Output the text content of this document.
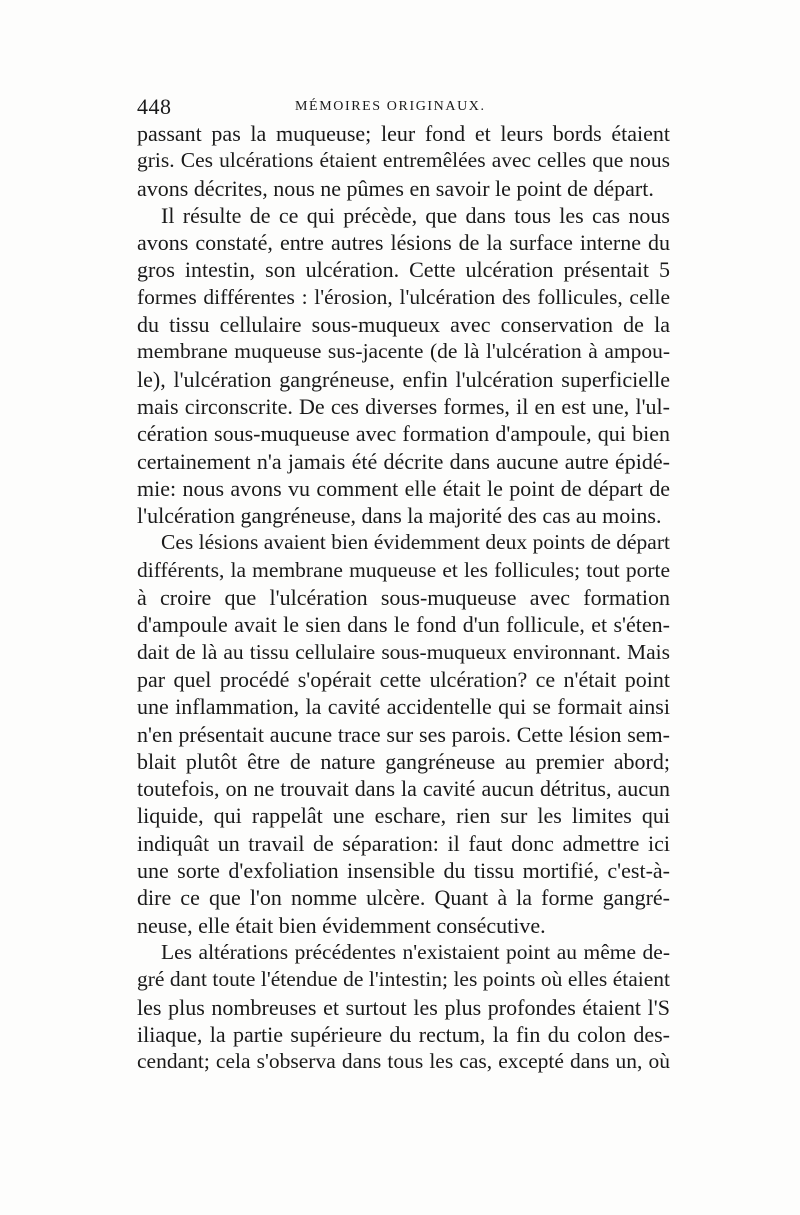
448	MÉMOIRES ORIGINAUX.
passant pas la muqueuse; leur fond et leurs bords étaient
gris. Ces ulcérations étaient entremêlées avec celles que nous
avons décrites, nous ne pûmes en savoir le point de départ.
Il résulte de ce qui précède, que dans tous les cas nous
avons constaté, entre autres lésions de la surface interne du
gros intestin, son ulcération. Cette ulcération présentait 5
formes différentes : l'érosion, l'ulcération des follicules, celle
du tissu cellulaire sous-muqueux avec conservation de la
membrane muqueuse sus-jacente (de là l'ulcération à ampou-
le), l'ulcération gangréneuse, enfin l'ulcération superficielle
mais circonscrite. De ces diverses formes, il en est une, l'ul-
cération sous-muqueuse avec formation d'ampoule, qui bien
certainement n'a jamais été décrite dans aucune autre épidé-
mie: nous avons vu comment elle était le point de départ de
l'ulcération gangréneuse, dans la majorité des cas au moins.
Ces lésions avaient bien évidemment deux points de départ
différents, la membrane muqueuse et les follicules; tout porte
à croire que l'ulcération sous-muqueuse avec formation
d'ampoule avait le sien dans le fond d'un follicule, et s'éten-
dait de là au tissu cellulaire sous-muqueux environnant. Mais
par quel procédé s'opérait cette ulcération? ce n'était point
une inflammation, la cavité accidentelle qui se formait ainsi
n'en présentait aucune trace sur ses parois. Cette lésion sem-
blait plutôt être de nature gangréneuse au premier abord;
toutefois, on ne trouvait dans la cavité aucun détritus, aucun
liquide, qui rappelât une eschare, rien sur les limites qui
indiquât un travail de séparation: il faut donc admettre ici
une sorte d'exfoliation insensible du tissu mortifié, c'est-à-
dire ce que l'on nomme ulcère. Quant à la forme gangré-
neuse, elle était bien évidemment consécutive.
Les altérations précédentes n'existaient point au même de-
gré dant toute l'étendue de l'intestin; les points où elles étaient
les plus nombreuses et surtout les plus profondes étaient l'S
iliaque, la partie supérieure du rectum, la fin du colon des-
cendant; cela s'observa dans tous les cas, excepté dans un, où
